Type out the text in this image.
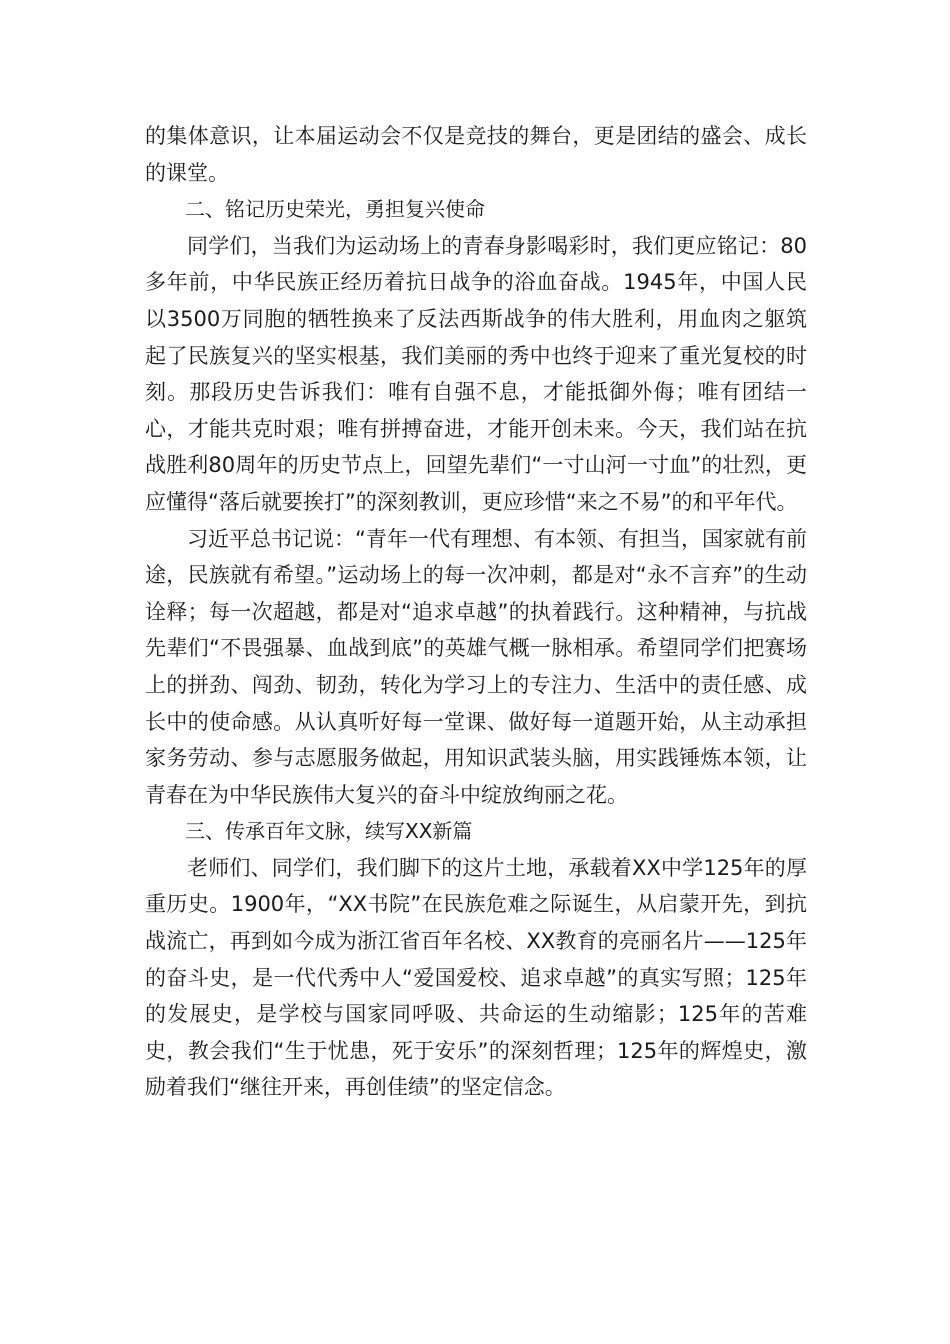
的集体意识，让本届运动会不仅是竞技的舞台，更是团结的盛会、成长的课堂。

二、铭记历史荣光，勇担复兴使命

同学们，当我们为运动场上的青春身影喝彩时，我们更应铭记：80多年前，中华民族正经历着抗日战争的浴血奋战。1945年，中国人民以3500万同胞的牺牲换来了反法西斯战争的伟大胜利，用血肉之躯筑起了民族复兴的坚实根基，我们美丽的秀中也终于迎来了重光复校的时刻。那段历史告诉我们：唯有自强不息，才能抵御外侮；唯有团结一心，才能共克时艰；唯有拼搏奋进，才能开创未来。今天，我们站在抗战胜利80周年的历史节点上，回望先辈们“一寸山河一寸血”的壮烈，更应懂得“落后就要挨打”的深刻教训，更应珍惜“来之不易”的和平年代。

习近平总书记说：“青年一代有理想、有本领、有担当，国家就有前途，民族就有希望。”运动场上的每一次冲刺，都是对“永不言弃”的生动诠释；每一次超越，都是对“追求卓越”的执着践行。这种精神，与抗战先辈们“不畏强暴、血战到底”的英雄气概一脉相承。希望同学们把赛场上的拼劲、闯劲、韧劲，转化为学习上的专注力、生活中的责任感、成长中的使命感。从认真听好每一堂课、做好每一道题开始，从主动承担家务劳动、参与志愿服务做起，用知识武装头脑，用实践锤炼本领，让青春在为中华民族伟大复兴的奋斗中绽放绚丽之花。

三、传承百年文脉，续写XX新篇

老师们、同学们，我们脚下的这片土地，承载着XX中学125年的厚重历史。1900年，“XX书院”在民族危难之际诞生，从启蒙开先，到抗战流亡，再到如今成为浙江省百年名校、XX教育的亮丽名片——125年的奋斗史，是一代代秀中人“爱国爱校、追求卓越”的真实写照；125年的发展史，是学校与国家同呼吸、共命运的生动缩影；125年的苦难史，教会我们“生于忧患，死于安乐”的深刻哲理；125年的辉煌史，激励着我们“继往开来，再创佳绩”的坚定信念。
